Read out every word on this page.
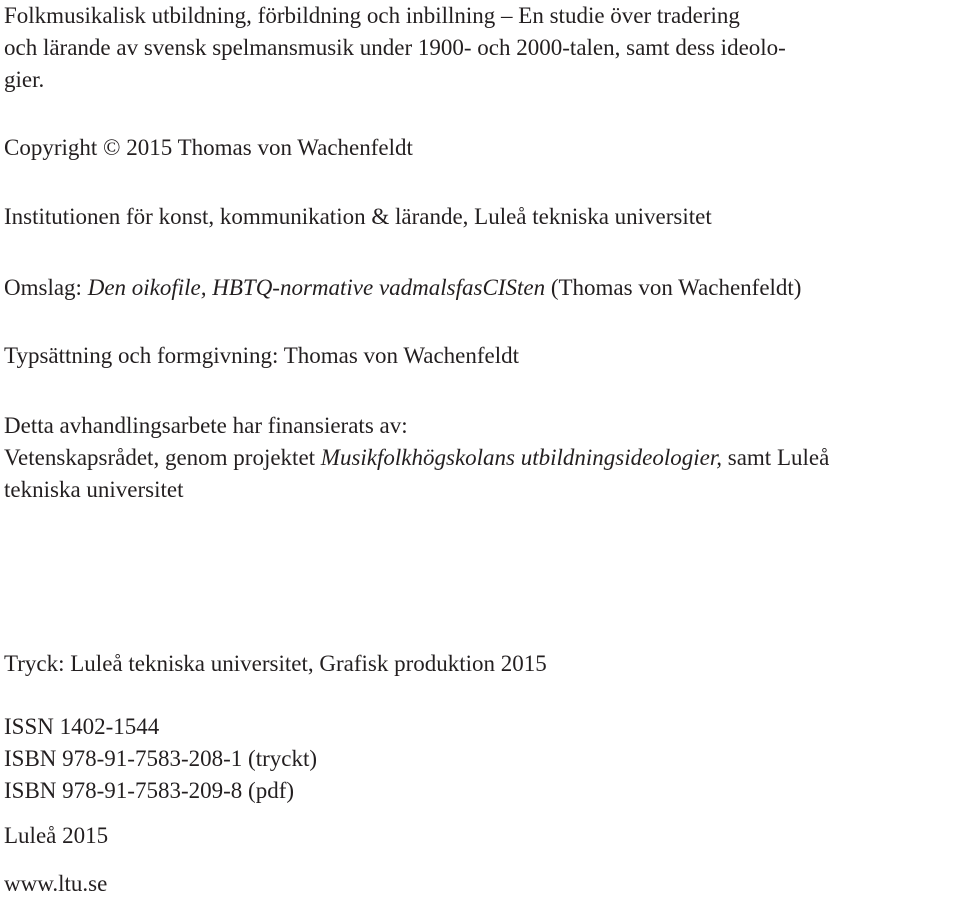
Folkmusikalisk utbildning, förbildning och inbillning – En studie över tradering
och lärande av svensk spelmansmusik under 1900- och 2000-talen, samt dess ideolo-
gier.
Copyright © 2015 Thomas von Wachenfeldt
Institutionen för konst, kommunikation & lärande, Luleå tekniska universitet
Omslag: Den oikofile, HBTQ-normative vadmalsfasCISten (Thomas von Wachenfeldt)
Typsättning och formgivning: Thomas von Wachenfeldt
Detta avhandlingsarbete har finansierats av:
Vetenskapsrådet, genom projektet Musikfolkhögskolans utbildningsideologier, samt Luleå
tekniska universitet
Tryck: Luleå tekniska universitet, Grafisk produktion 2015
ISSN 1402-1544
ISBN 978-91-7583-208-1 (tryckt)
ISBN 978-91-7583-209-8 (pdf)
Luleå 2015
www.ltu.se
